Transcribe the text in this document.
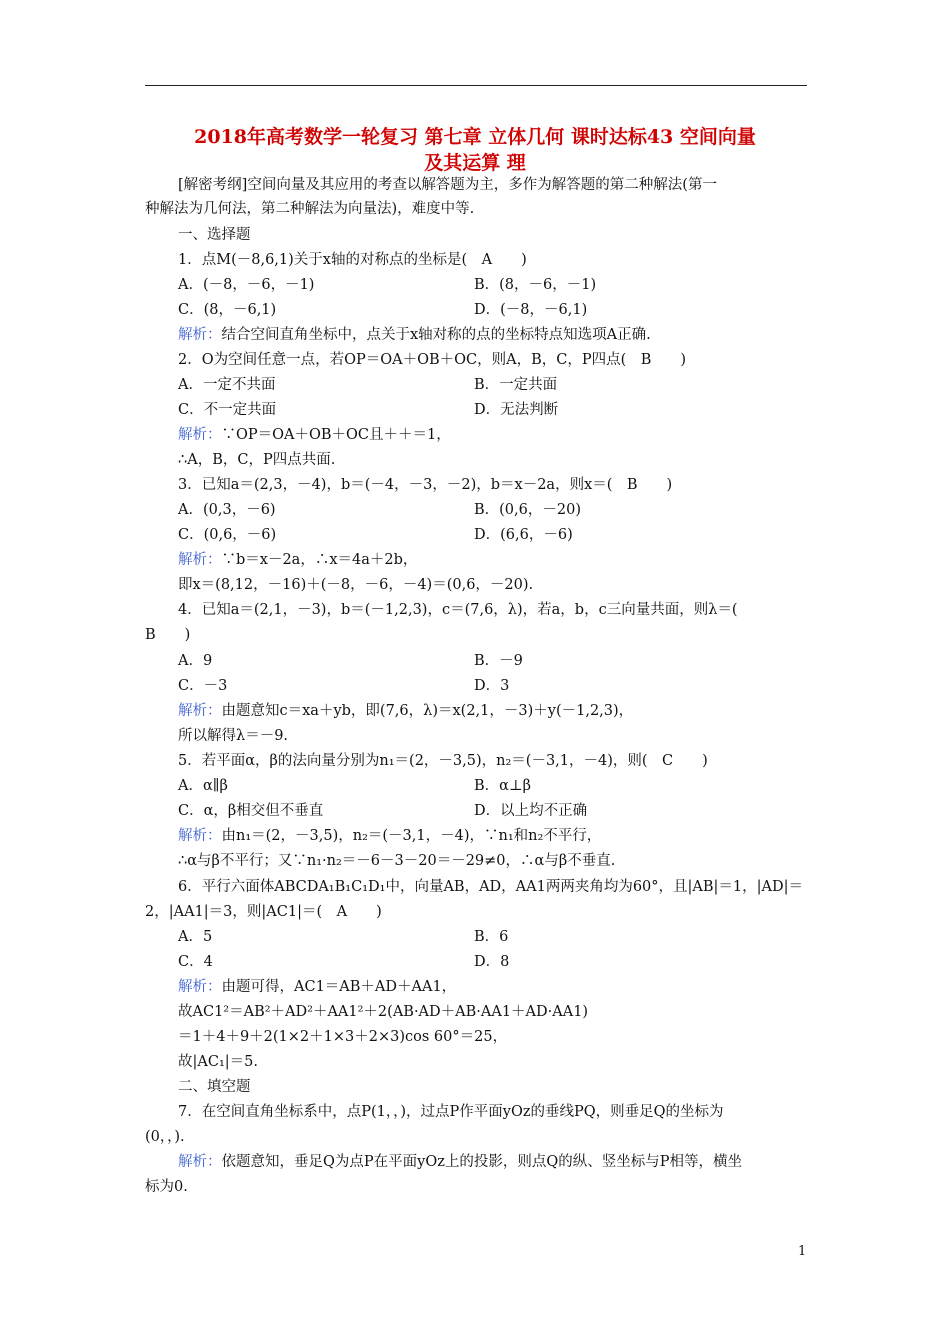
2018年高考数学一轮复习 第七章 立体几何 课时达标43 空间向量
及其运算 理
[解密考纲]空间向量及其应用的考查以解答题为主，多作为解答题的第二种解法(第一
种解法为几何法，第二种解法为向量法)，难度中等.
一、选择题
1．点M(－8,6,1)关于x轴的对称点的坐标是(　A　　)
A．(－8，－6，－1)	B．(8，－6，－1)
C．(8，－6,1)	D．(－8，－6,1)
解析：结合空间直角坐标中，点关于x轴对称的点的坐标特点知选项A正确.
2．O为空间任意一点，若OP＝OA＋OB＋OC，则A，B，C，P四点(　B　　)
A．一定不共面	B．一定共面
C．不一定共面	D．无法判断
解析：∵OP＝OA＋OB＋OC且＋＋＝1，
∴A，B，C，P四点共面.
3．已知a＝(2,3，－4)，b＝(－4，－3，－2)，b＝x－2a，则x＝(　B　　)
A．(0,3，－6)	B．(0,6，－20)
C．(0,6，－6)	D．(6,6，－6)
解析：∵b＝x－2a，∴x＝4a＋2b，
即x＝(8,12，－16)＋(－8，－6，－4)＝(0,6，－20).
4．已知a＝(2,1，－3)，b＝(－1,2,3)，c＝(7,6，λ)，若a，b，c三向量共面，则λ＝(
B　　)
A．9	B．－9
C．－3	D．3
解析：由题意知c＝xa＋yb，即(7,6，λ)＝x(2,1，－3)＋y(－1,2,3)，
所以解得λ＝－9.
5．若平面α，β的法向量分别为n₁＝(2，－3,5)，n₂＝(－3,1，－4)，则(　C　　)
A．α∥β	B．α⊥β
C．α，β相交但不垂直	D．以上均不正确
解析：由n₁＝(2，－3,5)，n₂＝(－3,1，－4)，∵n₁和n₂不平行，
∴α与β不平行；又∵n₁·n₂＝－6－3－20＝－29≠0，∴α与β不垂直.
6．平行六面体ABCDA₁B₁C₁D₁中，向量AB，AD，AA1两两夹角均为60°，且|AB|＝1，|AD|＝
2，|AA1|＝3，则|AC1|＝(　A　　)
A．5	B．6
C．4	D．8
解析：由题可得，AC1＝AB＋AD＋AA1，
故AC1²＝AB²＋AD²＋AA1²＋2(AB·AD＋AB·AA1＋AD·AA1)
＝1＋4＋9＋2(1×2＋1×3＋2×3)cos 60°＝25，
故|AC₁|＝5.
二、填空题
7．在空间直角坐标系中，点P(1，，)，过点P作平面yOz的垂线PQ，则垂足Q的坐标为
(0，，).
解析：依题意知，垂足Q为点P在平面yOz上的投影，则点Q的纵、竖坐标与P相等，横坐
标为0.
1
